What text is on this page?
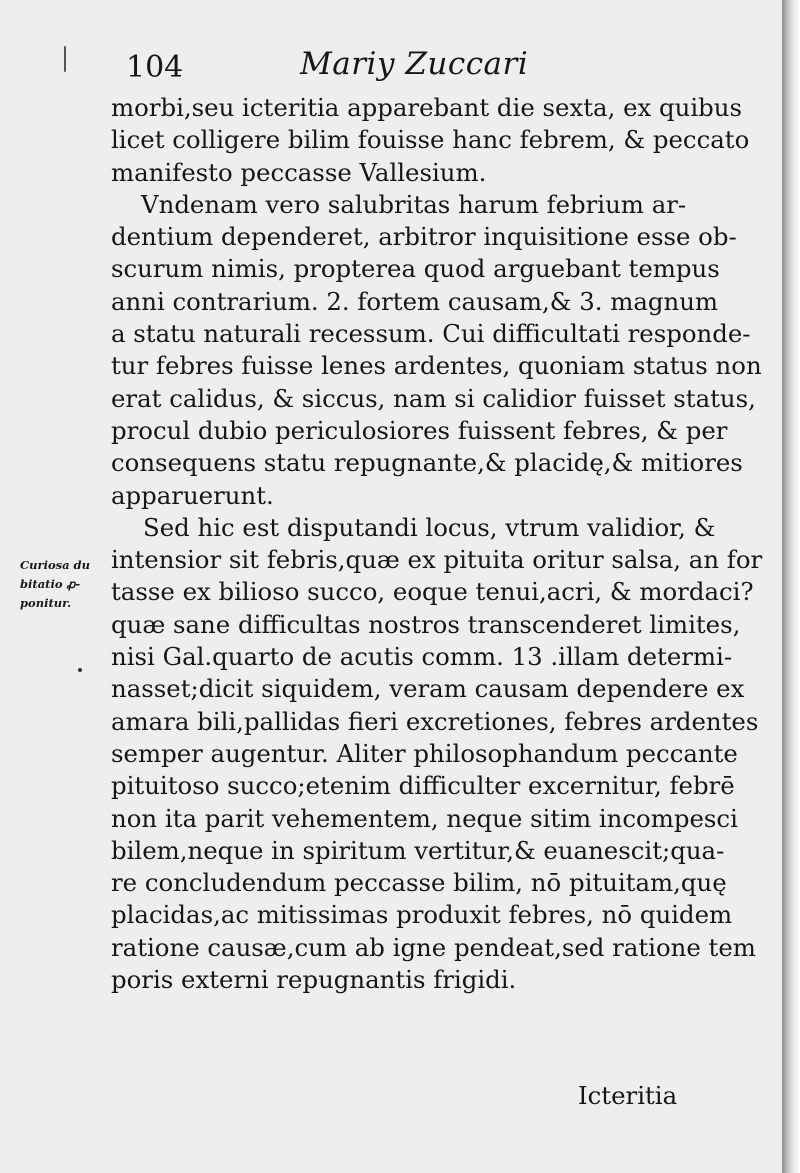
104	Mariy Zuccari
morbi,seu icteritia apparebant die sexta, ex quibus
licet colligere bilim fouisse hanc febrem, & peccato
manifesto peccasse Vallesium.
Vndenam vero salubritas harum febrium ar-
dentium dependeret, arbitror inquisitione esse ob-
scurum nimis, propterea quod arguebant tempus
anni contrarium. 2. fortem causam,& 3. magnum
a statu naturali recessum. Cui difficultati responde-
tur febres fuisse lenes ardentes, quoniam status non
erat calidus, & siccus, nam si calidior fuisset status,
procul dubio periculosiores fuissent febres, & per
consequens statu repugnante,& placidę,& mitiores
apparuerunt.
Sed hic est disputandi locus, vtrum validior, &
intensior sit febris,quæ ex pituita oritur salsa, an for
tasse ex bilioso succo, eoque tenui,acri, & mordaci?
quæ sane difficultas nostros transcenderet limites,
nisi Gal.quarto de acutis comm. 13 .illam determi-
nasset;dicit siquidem, veram causam dependere ex
amara bili,pallidas fieri excretiones, febres ardentes
semper augentur. Aliter philosophandum peccante
pituitoso succo;etenim difficulter excernitur, febrē
non ita parit vehementem, neque sitim incompesci
bilem,neque in spiritum vertitur,& euanescit;qua-
re concludendum peccasse bilim, nō pituitam,quę
placidas,ac mitissimas produxit febres, nō quidem
ratione causæ,cum ab igne pendeat,sed ratione tem
poris externi repugnantis frigidi.
Curiosa du
bitatio ꝓ-
ponitur.
Icteritia
